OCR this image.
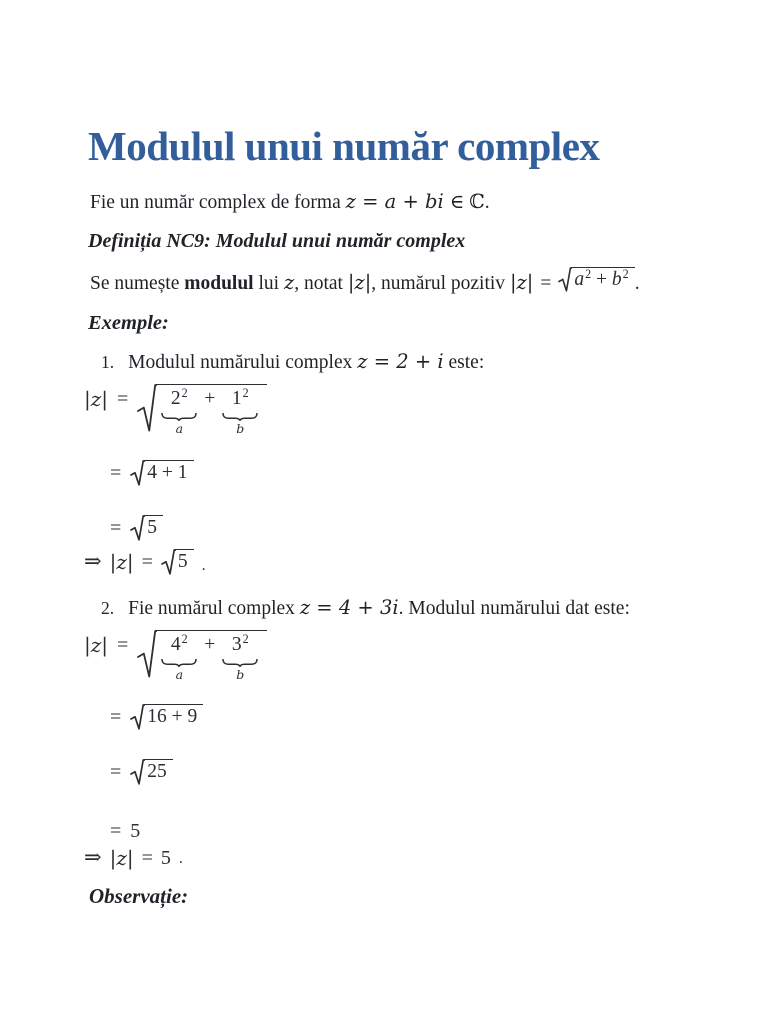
Modulul unui număr complex

Fie un număr complex de forma z = a + bi ∈ ℂ.

Definiția NC9: Modulul unui număr complex

Se numește modulul lui z, notat |z|, numărul pozitiv $|z| = a^2 + b^2$ .

Exemple:

1. Modulul numărului complex z = 2 + i este:
$|z| = 2^2$
a
+ $1^2$
b
= 4 + 1
= 5
⇒ |z| = 5 .
2. Fie numărul complex z = 4 + 3i. Modulul numărului dat este:
$|z| = 4^2$
a
+ $3^2$
b
= 16 + 9
= 25
= 5
⇒ |z| = 5 .

Observație:
